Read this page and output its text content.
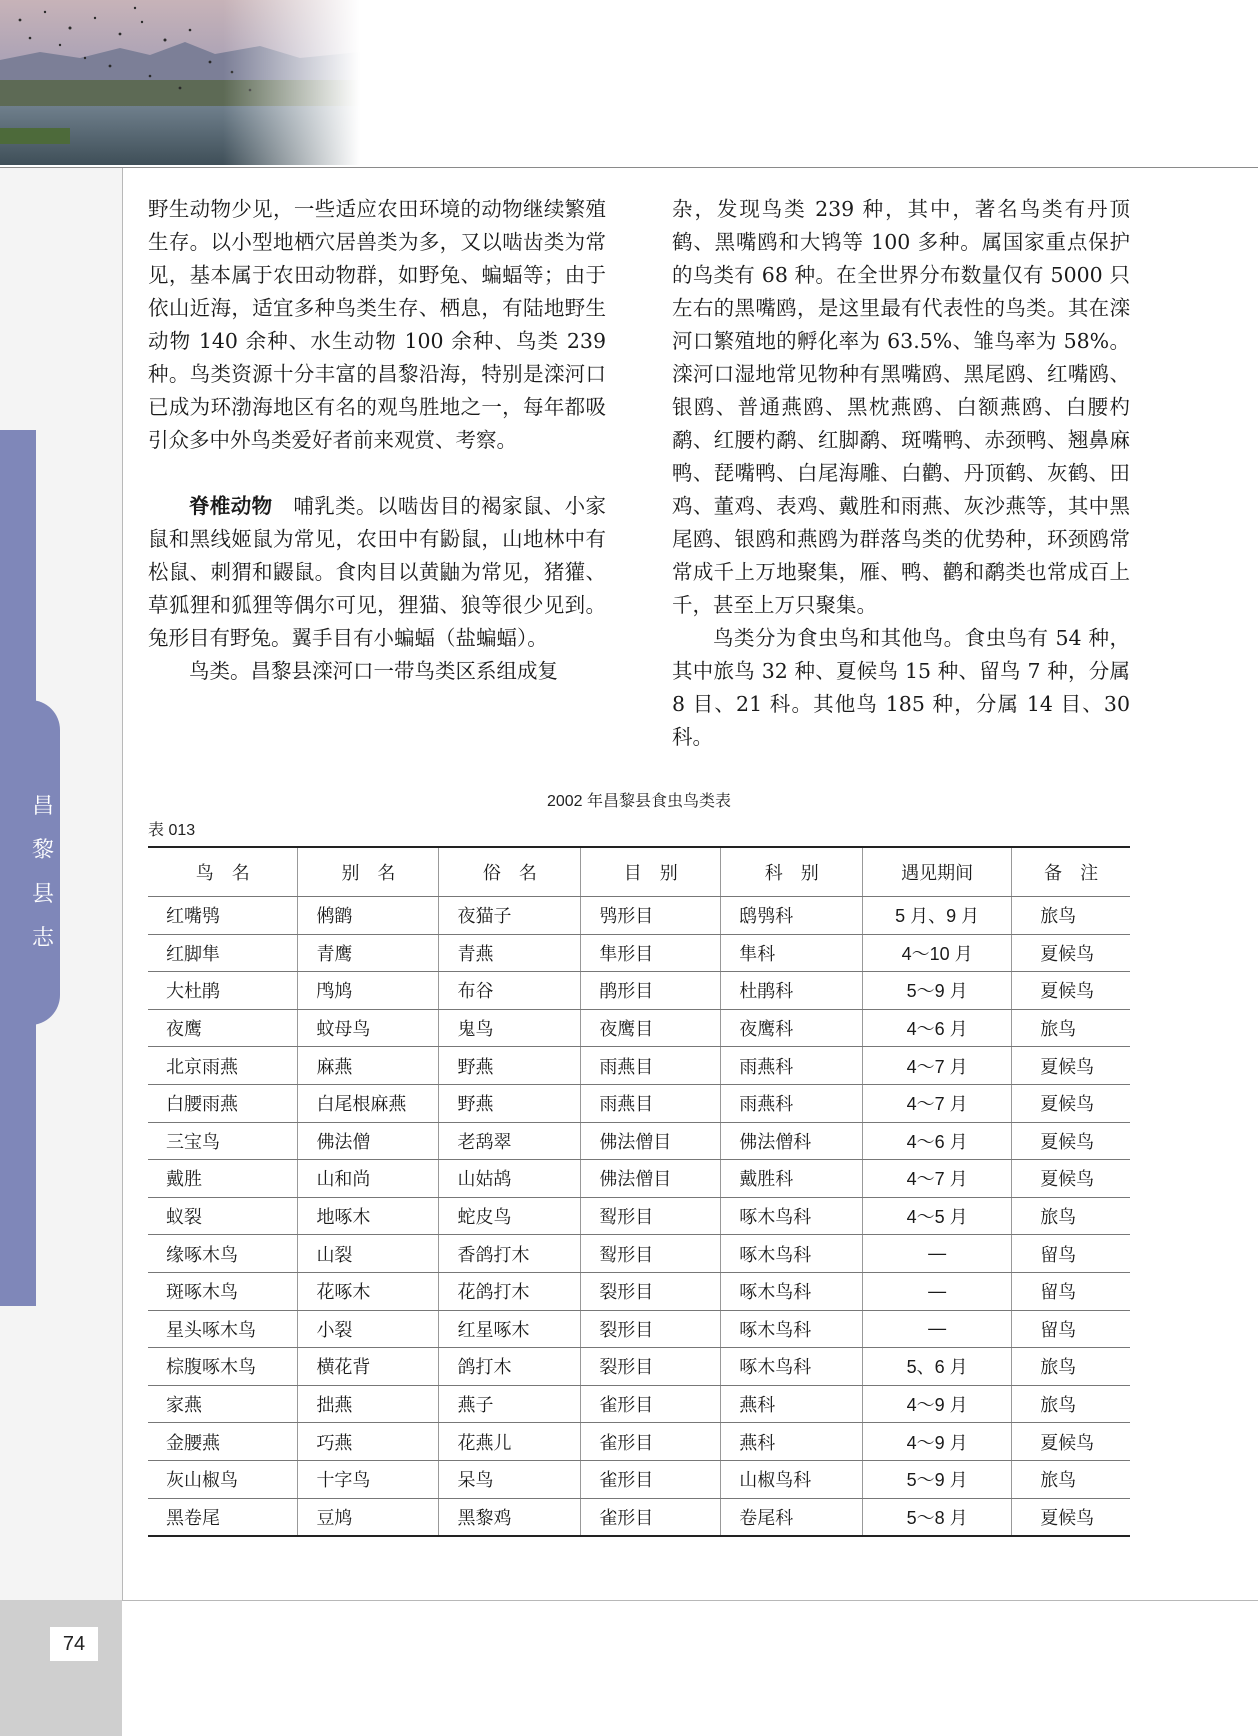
昌
黎
县
志

野生动物少见，一些适应农田环境的动物继续繁殖生存。以小型地栖穴居兽类为多，又以啮齿类为常见，基本属于农田动物群，如野兔、蝙蝠等；由于依山近海，适宜多种鸟类生存、栖息，有陆地野生动物 140 余种、水生动物 100 余种、鸟类 239 种。鸟类资源十分丰富的昌黎沿海，特别是滦河口已成为环渤海地区有名的观鸟胜地之一，每年都吸引众多中外鸟类爱好者前来观赏、考察。

脊椎动物　 哺乳类。以啮齿目的褐家鼠、小家鼠和黑线姬鼠为常见，农田中有鼢鼠，山地林中有松鼠、刺猬和鼹鼠。食肉目以黄鼬为常见，猪獾、草狐狸和狐狸等偶尔可见，狸猫、狼等很少见到。兔形目有野兔。翼手目有小蝙蝠（盐蝙蝠）。

鸟类。昌黎县滦河口一带鸟类区系组成复

杂，发现鸟类 239 种，其中，著名鸟类有丹顶鹤、黑嘴鸥和大鸨等 100 多种。属国家重点保护的鸟类有 68 种。在全世界分布数量仅有 5000 只左右的黑嘴鸥，是这里最有代表性的鸟类。其在滦河口繁殖地的孵化率为 63.5%、雏鸟率为 58%。滦河口湿地常见物种有黑嘴鸥、黑尾鸥、红嘴鸥、银鸥、普通燕鸥、黑枕燕鸥、白额燕鸥、白腰杓鹬、红腰杓鹬、红脚鹬、斑嘴鸭、赤颈鸭、翘鼻麻鸭、琵嘴鸭、白尾海雕、白鹳、丹顶鹤、灰鹤、田鸡、董鸡、表鸡、戴胜和雨燕、灰沙燕等，其中黑尾鸥、银鸥和燕鸥为群落鸟类的优势种，环颈鸥常常成千上万地聚集，雁、鸭、鹳和鹬类也常成百上千，甚至上万只聚集。

鸟类分为食虫鸟和其他鸟。食虫鸟有 54 种，其中旅鸟 32 种、夏候鸟 15 种、留鸟 7 种，分属 8 目、21 科。其他鸟 185 种，分属 14 目、30 科。

2002 年昌黎县食虫鸟类表
表 013
鸟　名	别　名	俗　名	目　别	科　别	遇见期间	备　注
红嘴鸮	鸺鹠	夜猫子	鸮形目	鸱鸮科	5 月、9 月	旅鸟
红脚隼	青鹰	青燕	隼形目	隼科	4～10 月	夏候鸟
大杜鹃	鸤鸠	布谷	鹃形目	杜鹃科	5～9 月	夏候鸟
夜鹰	蚊母鸟	鬼鸟	夜鹰目	夜鹰科	4～6 月	旅鸟
北京雨燕	麻燕	野燕	雨燕目	雨燕科	4～7 月	夏候鸟
白腰雨燕	白尾根麻燕	野燕	雨燕目	雨燕科	4～7 月	夏候鸟
三宝鸟	佛法僧	老鸹翠	佛法僧目	佛法僧科	4～6 月	夏候鸟
戴胜	山和尚	山姑鸪	佛法僧目	戴胜科	4～7 月	夏候鸟
蚁裂	地啄木	蛇皮鸟	䴕形目	啄木鸟科	4～5 月	旅鸟
缘啄木鸟	山裂	香鸽打木	䴕形目	啄木鸟科	—	留鸟
斑啄木鸟	花啄木	花鸽打木	裂形目	啄木鸟科	—	留鸟
星头啄木鸟	小裂	红星啄木	裂形目	啄木鸟科	—	留鸟
棕腹啄木鸟	横花背	鸽打木	裂形目	啄木鸟科	5、6 月	旅鸟
家燕	拙燕	燕子	雀形目	燕科	4～9 月	旅鸟
金腰燕	巧燕	花燕儿	雀形目	燕科	4～9 月	夏候鸟
灰山椒鸟	十字鸟	呆鸟	雀形目	山椒鸟科	5～9 月	旅鸟
黑卷尾	豆鸠	黑黎鸡	雀形目	卷尾科	5～8 月	夏候鸟
74
